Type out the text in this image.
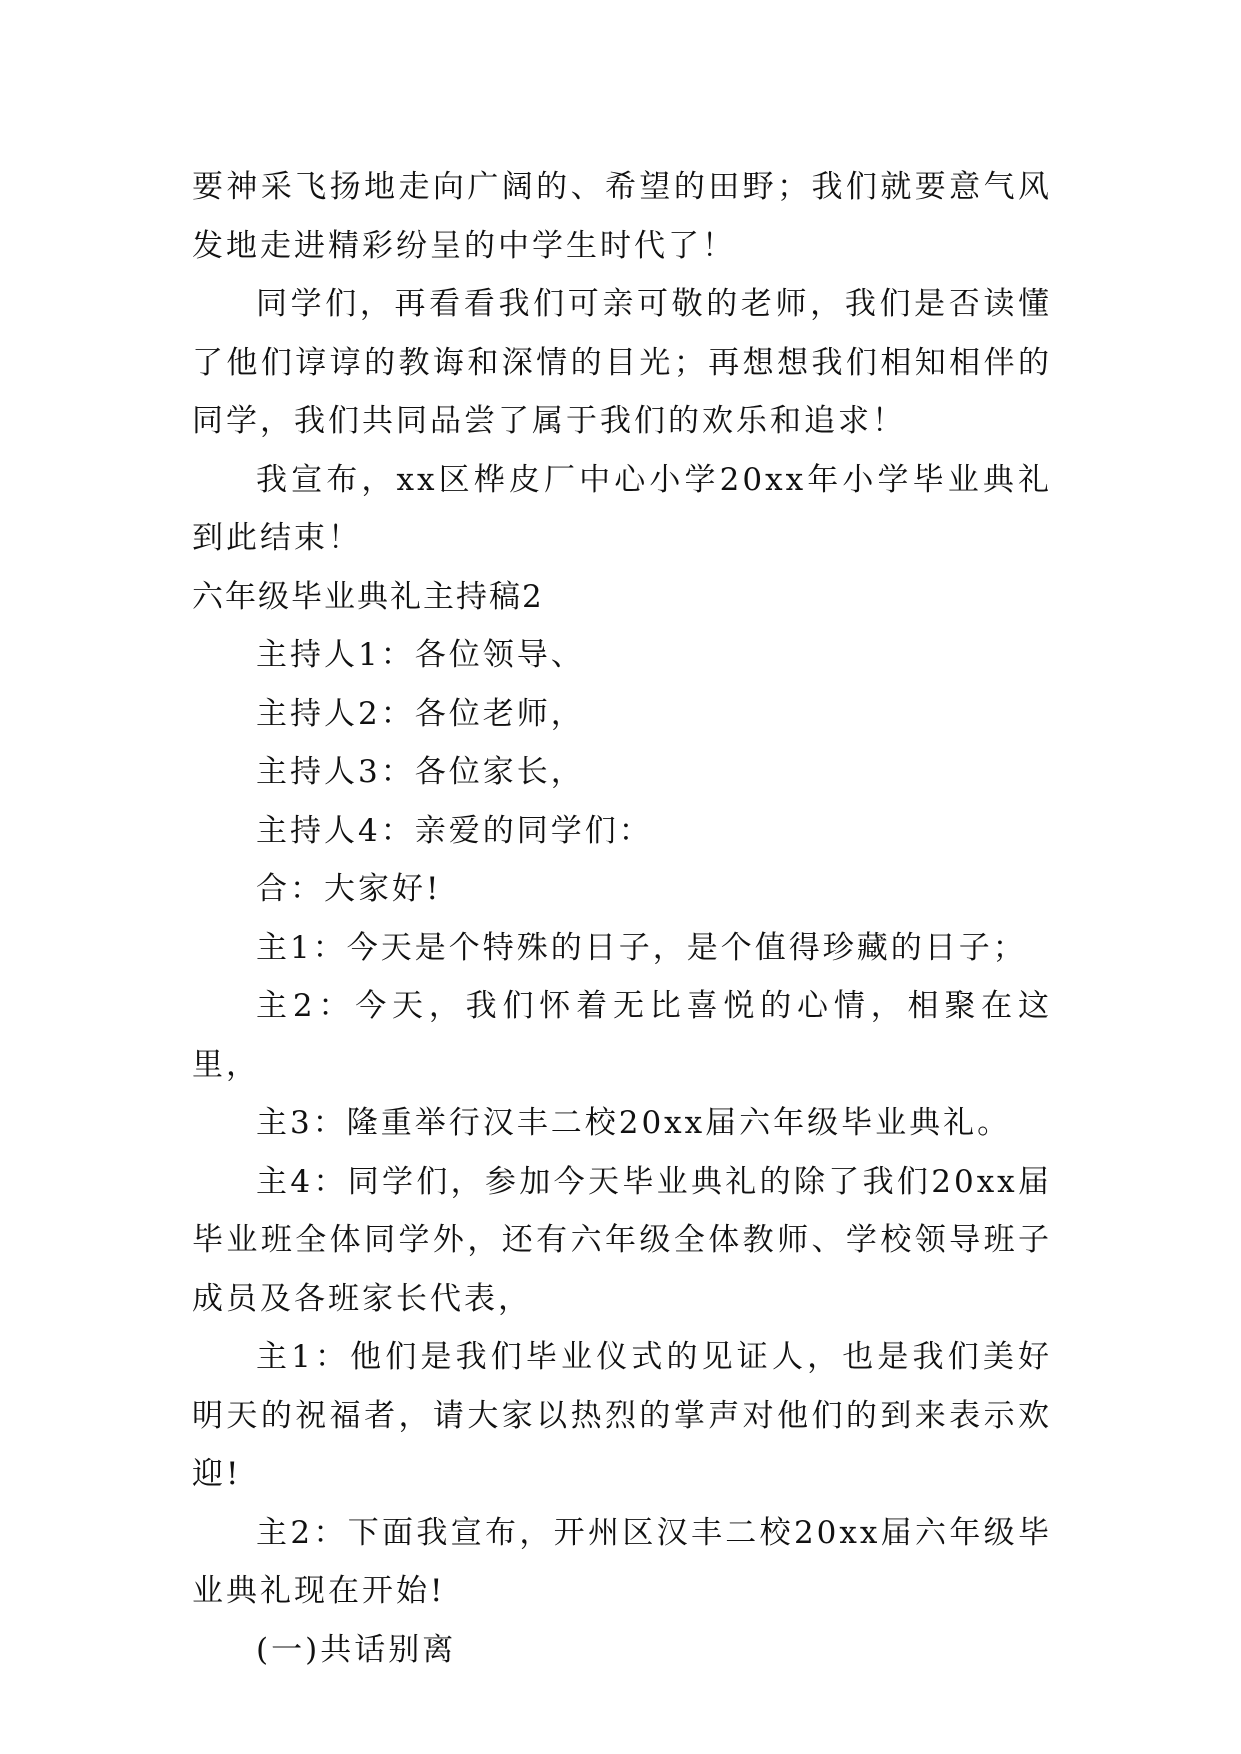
要神采飞扬地走向广阔的、希望的田野；我们就要意气风发地走进精彩纷呈的中学生时代了！

同学们，再看看我们可亲可敬的老师，我们是否读懂了他们谆谆的教诲和深情的目光；再想想我们相知相伴的同学，我们共同品尝了属于我们的欢乐和追求！

我宣布，xx区桦皮厂中心小学20xx年小学毕业典礼到此结束！

六年级毕业典礼主持稿2

主持人1：各位领导、

主持人2：各位老师，

主持人3：各位家长，

主持人4：亲爱的同学们：

合：大家好!

主1：今天是个特殊的日子，是个值得珍藏的日子；

主2：今天，我们怀着无比喜悦的心情，相聚在这里，

主3：隆重举行汉丰二校20xx届六年级毕业典礼。

主4：同学们，参加今天毕业典礼的除了我们20xx届毕业班全体同学外，还有六年级全体教师、学校领导班子成员及各班家长代表，

主1：他们是我们毕业仪式的见证人，也是我们美好明天的祝福者，请大家以热烈的掌声对他们的到来表示欢迎!

主2：下面我宣布，开州区汉丰二校20xx届六年级毕业典礼现在开始!

(一)共话别离
